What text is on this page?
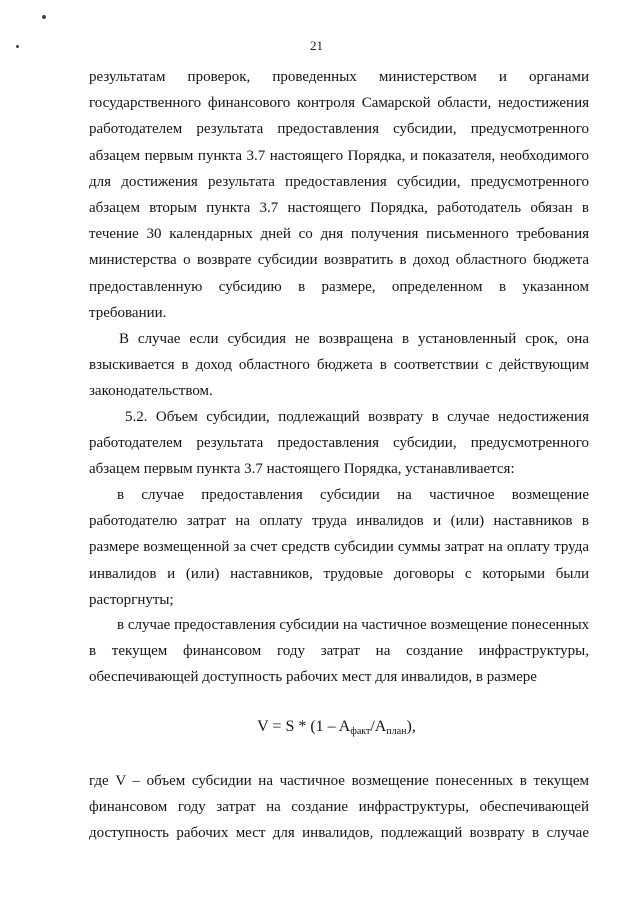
21
результатам проверок, проведенных министерством и органами
государственного финансового контроля Самарской области, недостижения
работодателем результата предоставления субсидии, предусмотренного
абзацем первым пункта 3.7 настоящего Порядка, и показателя, необходимого
для достижения результата предоставления субсидии, предусмотренного
абзацем вторым пункта 3.7 настоящего Порядка, работодатель обязан в
течение 30 календарных дней со дня получения письменного требования
министерства о возврате субсидии возвратить в доход областного бюджета
предоставленную субсидию в размере, определенном в указанном
требовании.
В случае если субсидия не возвращена в установленный срок, она
взыскивается в доход областного бюджета в соответствии с действующим
законодательством.
5.2. Объем субсидии, подлежащий возврату в случае недостижения
работодателем результата предоставления субсидии, предусмотренного
абзацем первым пункта 3.7 настоящего Порядка, устанавливается:
в случае предоставления субсидии на частичное возмещение
работодателю затрат на оплату труда инвалидов и (или) наставников в
размере возмещенной за счет средств субсидии суммы затрат на оплату труда
инвалидов и (или) наставников, трудовые договоры с которыми были
расторгнуты;
в случае предоставления субсидии на частичное возмещение понесенных
в текущем финансовом году затрат на создание инфраструктуры,
обеспечивающей доступность рабочих мест для инвалидов, в размере
$V = S * (1 - A_{факт}/A_{план})$,
где V – объем субсидии на частичное возмещение понесенных в текущем
финансовом году затрат на создание инфраструктуры, обеспечивающей
доступность рабочих мест для инвалидов, подлежащий возврату в случае
